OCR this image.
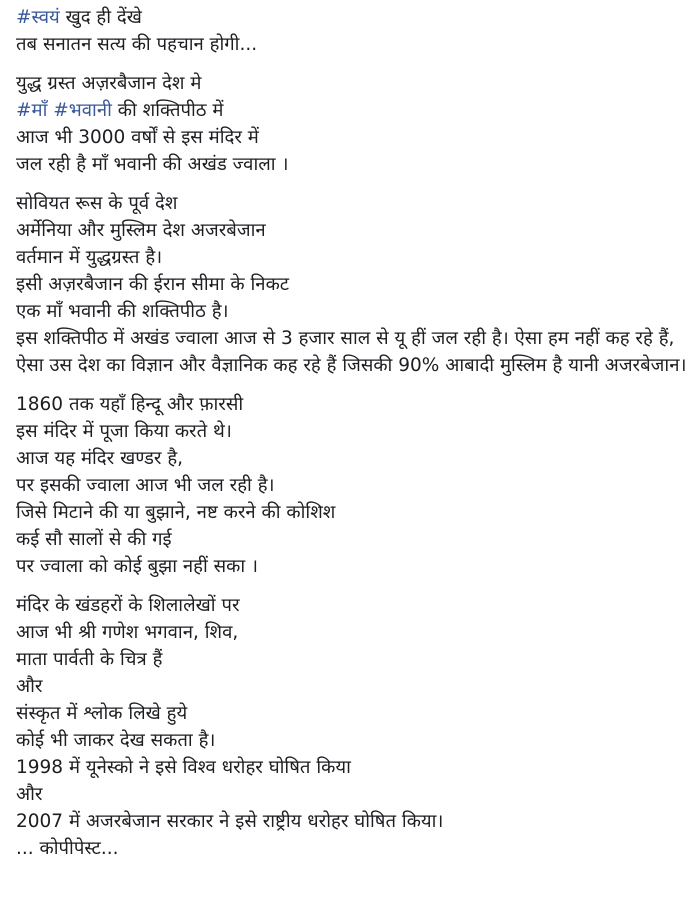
#स्वयं खुद ही देंखे
तब सनातन सत्य की पहचान होगी...
युद्ध ग्रस्त अज़रबैजान देश मे
#माँ #भवानी की शक्तिपीठ में
आज भी 3000 वर्षों से इस मंदिर में
जल रही है माँ भवानी की अखंड ज्वाला ।
सोवियत रूस के पूर्व देश
अर्मेनिया और मुस्लिम देश अजरबेजान
वर्तमान में युद्धग्रस्त है।
इसी अज़रबैजान की ईरान सीमा के निकट
एक माँ भवानी की शक्तिपीठ है।
इस शक्तिपीठ में अखंड ज्वाला आज से 3 हजार साल से यू हीं जल रही है। ऐसा हम नहीं कह रहे हैं, ऐसा उस देश का विज्ञान और वैज्ञानिक कह रहे हैं जिसकी 90% आबादी मुस्लिम है यानी अजरबेजान।
1860 तक यहाँ हिन्दू और फ़ारसी
इस मंदिर में पूजा किया करते थे।
आज यह मंदिर खण्डर है,
पर इसकी ज्वाला आज भी जल रही है।
जिसे मिटाने की या बुझाने, नष्ट करने की कोशिश
कई सौ सालों से की गई
पर ज्वाला को कोई बुझा नहीं सका ।
मंदिर के खंडहरों के शिलालेखों पर
आज भी श्री गणेश भगवान, शिव,
माता पार्वती के चित्र हैं
और
संस्कृत में श्लोक लिखे हुये
कोई भी जाकर देख सकता है।
1998 में यूनेस्को ने इसे विश्व धरोहर घोषित किया
और
2007 में अजरबेजान सरकार ने इसे राष्ट्रीय धरोहर घोषित किया।
... कोपीपेस्ट...
